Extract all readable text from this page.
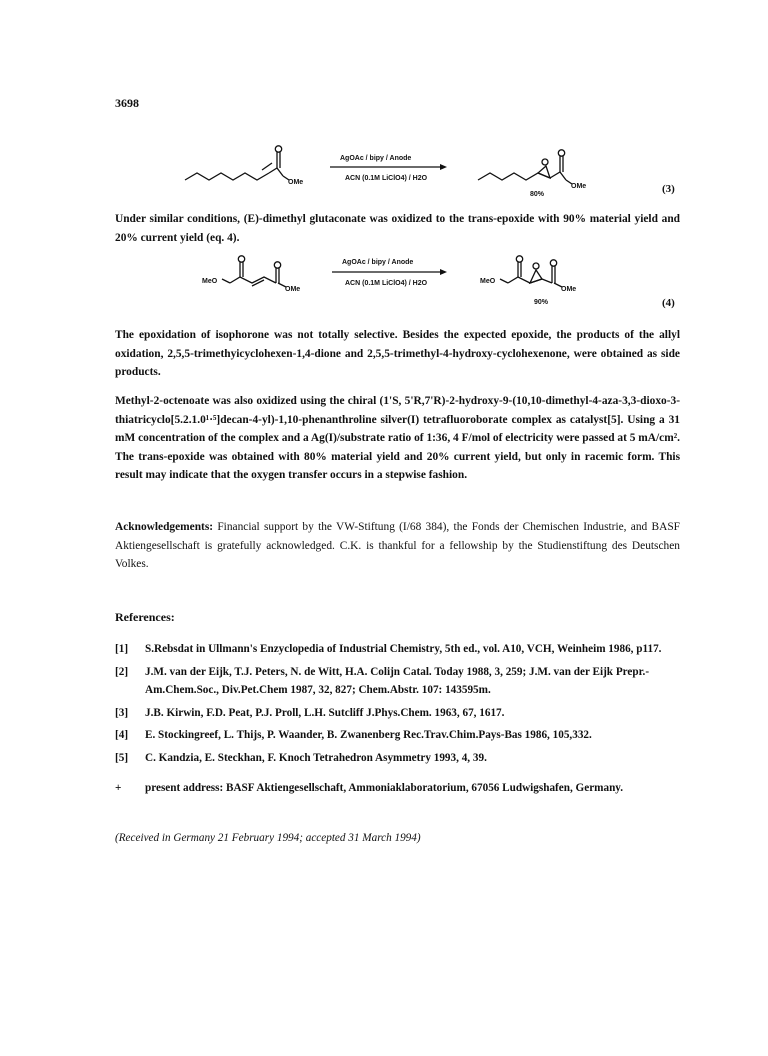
3698
OMe
AgOAc / bipy / Anode
ACN (0.1M LiClO4) / H2O
OMe
80%	(3)
MeO
OMe
AgOAc / bipy / Anode
ACN (0.1M LiClO4) / H2O	MeO
OMe
90%	(4)

Under similar conditions, (E)-dimethyl glutaconate was oxidized to the trans-epoxide with 90% material yield and 20% current yield (eq. 4).

The epoxidation of isophorone was not totally selective. Besides the expected epoxide, the products of the allyl oxidation, 2,5,5-trimethyicyclohexen-1,4-dione and 2,5,5-trimethyl-4-hydroxy-cyclohexenone, were obtained as side products.

Methyl-2-octenoate was also oxidized using the chiral (1'S, 5'R,7'R)-2-hydroxy-9-(10,10-dimethyl-4-aza-3,3-dioxo-3-thiatricyclo[5.2.1.0¹·⁵]decan-4-yl)-1,10-phenanthroline silver(I) tetrafluoroborate complex as catalyst[5]. Using a 31 mM concentration of the complex and a Ag(I)/substrate ratio of 1:36, 4 F/mol of electricity were passed at 5 mA/cm². The trans-epoxide was obtained with 80% material yield and 20% current yield, but only in racemic form. This result may indicate that the oxygen transfer occurs in a stepwise fashion.

Acknowledgements: Financial support by the VW-Stiftung (I/68 384), the Fonds der Chemischen Industrie, and BASF Aktiengesellschaft is gratefully acknowledged. C.K. is thankful for a fellowship by the Studienstiftung des Deutschen Volkes.

References:
[1] S.Rebsdat in Ullmann's Enzyclopedia of Industrial Chemistry, 5th ed., vol. A10, VCH, Weinheim 1986, p117.
[2] J.M. van der Eijk, T.J. Peters, N. de Witt, H.A. Colijn Catal. Today 1988, 3, 259; J.M. van der Eijk Prepr.-Am.Chem.Soc., Div.Pet.Chem 1987, 32, 827; Chem.Abstr. 107: 143595m.
[3] J.B. Kirwin, F.D. Peat, P.J. Proll, L.H. Sutcliff J.Phys.Chem. 1963, 67, 1617.
[4] E. Stockingreef, L. Thijs, P. Waander, B. Zwanenberg Rec.Trav.Chim.Pays-Bas 1986, 105,332.
[5] C. Kandzia, E. Steckhan, F. Knoch Tetrahedron Asymmetry 1993, 4, 39.
+ present address: BASF Aktiengesellschaft, Ammoniaklaboratorium, 67056 Ludwigshafen, Germany.
(Received in Germany 21 February 1994; accepted 31 March 1994)
